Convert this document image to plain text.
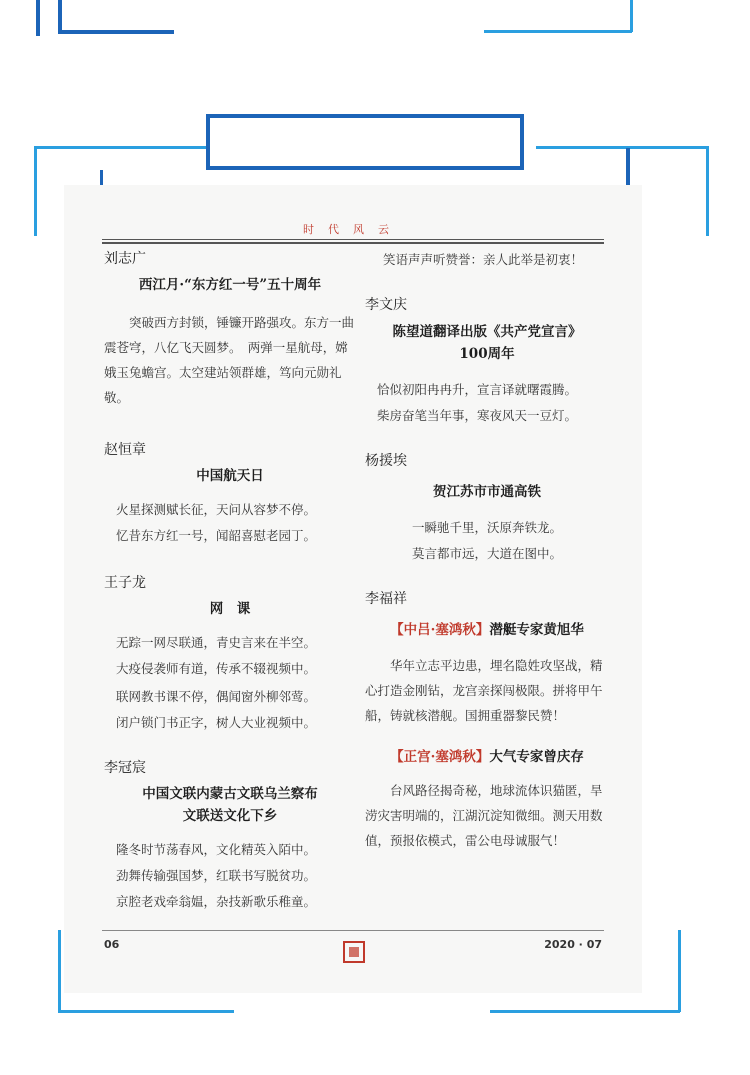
时代风云

刘志广

西江月·“东方红一号”五十周年

突破西方封锁，锤镰开路强攻。东方一曲震苍穹，八亿飞天圆梦。　两弹一星航母，嫦娥玉兔蟾宫。太空建站领群雄，笃向元勋礼敬。

赵恒章

中国航天日

火星探测赋长征，天问从容梦不停。

忆昔东方红一号，闻韶喜慰老园丁。

王子龙

网　课

无踪一网尽联通，青史言来在半空。

大疫侵袭师有道，传承不辍视频中。

联网教书课不停，偶闻窗外柳邻莺。

闭户锁门书正字，树人大业视频中。

李冠宸

中国文联内蒙古文联乌兰察布
文联送文化下乡

隆冬时节荡春风，文化精英入陌中。

劲舞传输强国梦，红联书写脱贫功。

京腔老戏牵翁媪，杂技新歌乐稚童。

笑语声声听赞誉：亲人此举是初衷！

李文庆

陈望道翻译出版《共产党宣言》
100周年

恰似初阳冉冉升，宣言译就曙霞腾。

柴房奋笔当年事，寒夜风天一豆灯。

杨援埃

贺江苏市市通高铁

一瞬驰千里，沃原奔铁龙。

莫言都市远，大道在图中。

李福祥

【中吕·塞鸿秋】潜艇专家黄旭华

华年立志平边患，埋名隐姓攻坚战，精心打造金刚钻，龙宫亲探闯极限。拼将甲午船，铸就核潜舰。国拥重器黎民赞！

【正宫·塞鸿秋】大气专家曾庆存

台风路径揭奇秘，地球流体识猫匿，旱涝灾害明端的，江湖沉淀知微细。测天用数值，预报依模式，雷公电母诚服气！

06	2020 · 07
